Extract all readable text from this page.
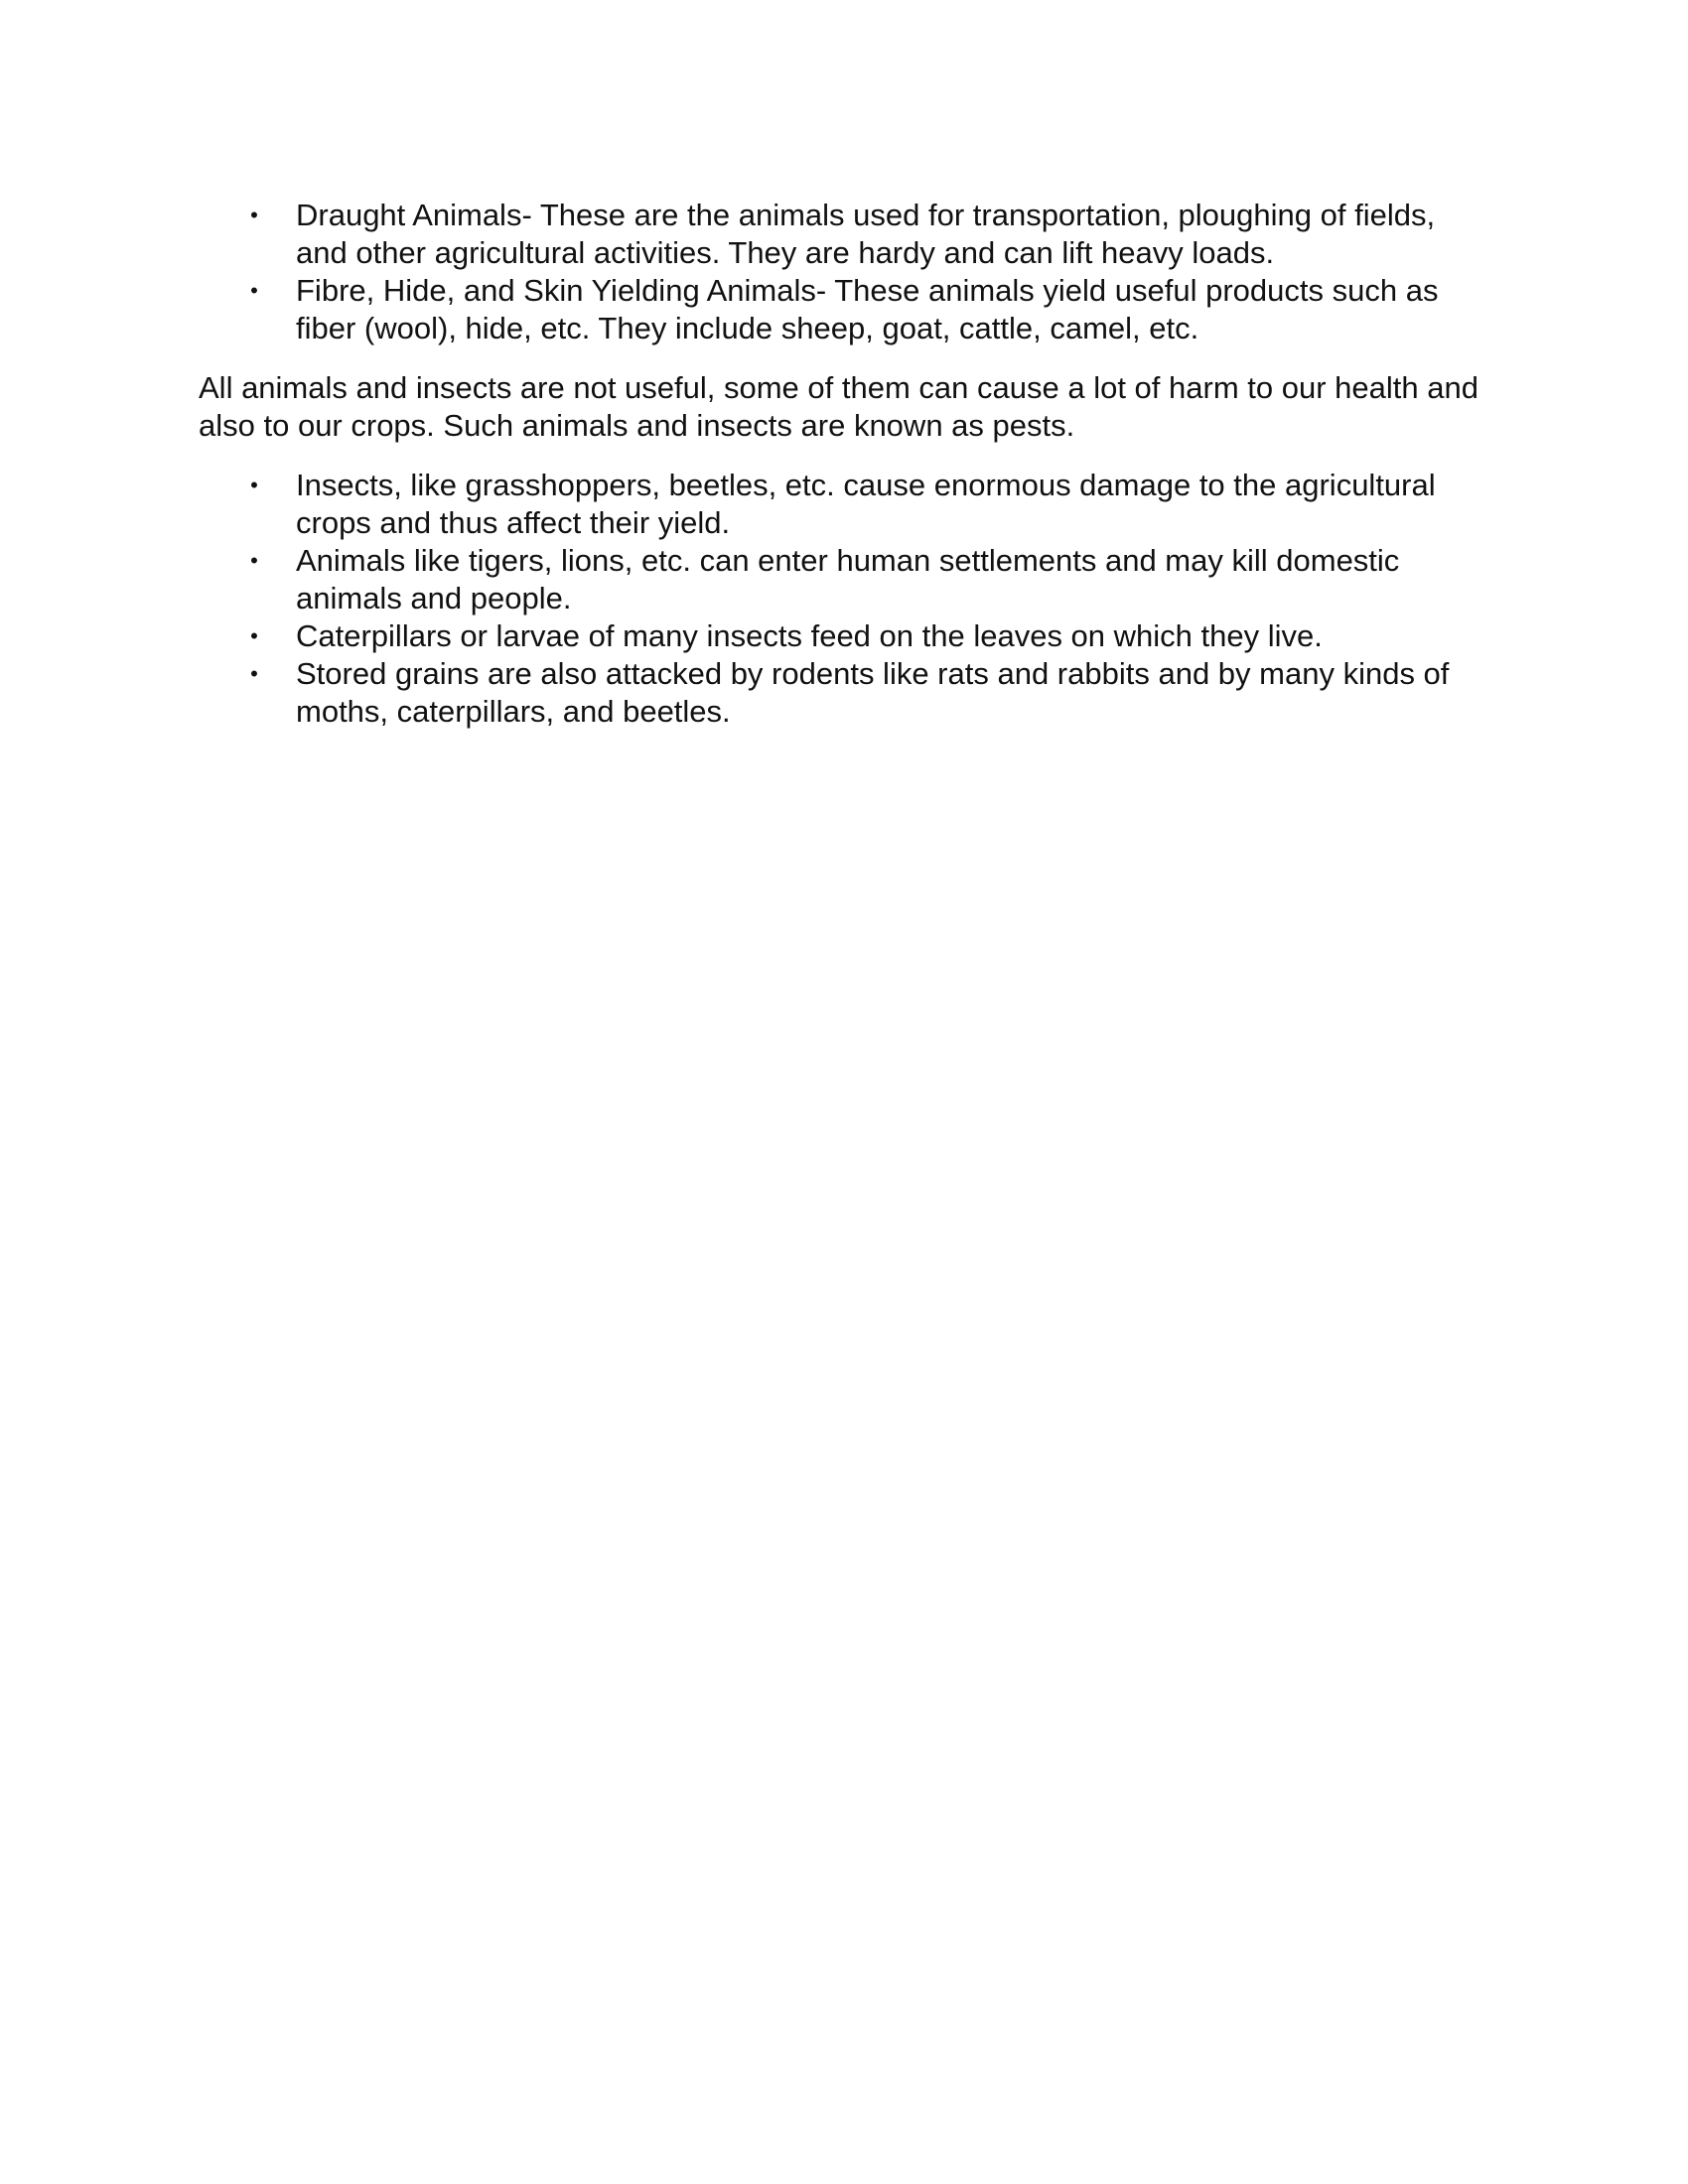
• Draught Animals- These are the animals used for transportation, ploughing of fields, and other agricultural activities. They are hardy and can lift heavy loads.
• Fibre, Hide, and Skin Yielding Animals- These animals yield useful products such as fiber (wool), hide, etc. They include sheep, goat, cattle, camel, etc.

All animals and insects are not useful, some of them can cause a lot of harm to our health and also to our crops. Such animals and insects are known as pests.

• Insects, like grasshoppers, beetles, etc. cause enormous damage to the agricultural crops and thus affect their yield.
• Animals like tigers, lions, etc. can enter human settlements and may kill domestic animals and people.
• Caterpillars or larvae of many insects feed on the leaves on which they live.
• Stored grains are also attacked by rodents like rats and rabbits and by many kinds of moths, caterpillars, and beetles.
